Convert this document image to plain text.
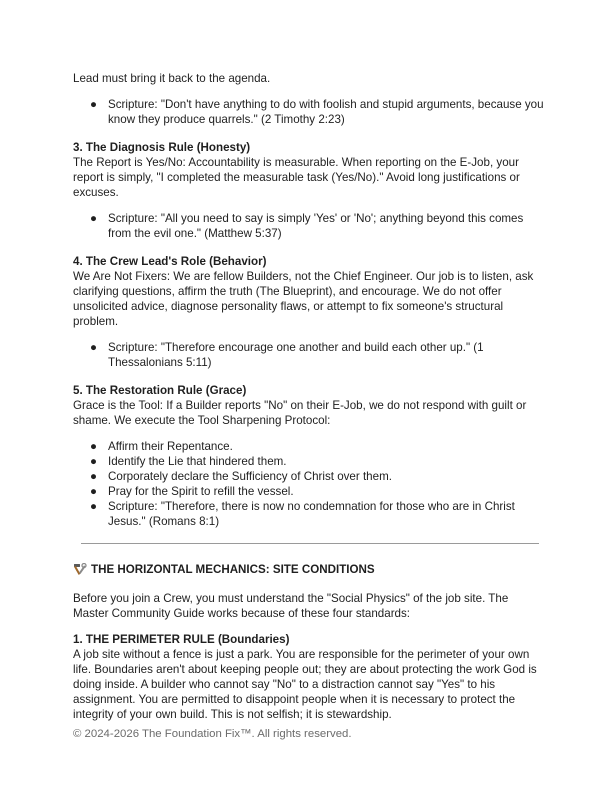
Lead must bring it back to the agenda.

● Scripture: "Don't have anything to do with foolish and stupid arguments, because you know they produce quarrels." (2 Timothy 2:23)

3. The Diagnosis Rule (Honesty)

The Report is Yes/No: Accountability is measurable. When reporting on the E-Job, your report is simply, "I completed the measurable task (Yes/No)." Avoid long justifications or excuses.

● Scripture: "All you need to say is simply 'Yes' or 'No'; anything beyond this comes from the evil one." (Matthew 5:37)

4. The Crew Lead's Role (Behavior)

We Are Not Fixers: We are fellow Builders, not the Chief Engineer. Our job is to listen, ask clarifying questions, affirm the truth (The Blueprint), and encourage. We do not offer unsolicited advice, diagnose personality flaws, or attempt to fix someone's structural problem.

● Scripture: "Therefore encourage one another and build each other up." (1 Thessalonians 5:11)

5. The Restoration Rule (Grace)

Grace is the Tool: If a Builder reports "No" on their E-Job, we do not respond with guilt or shame. We execute the Tool Sharpening Protocol:

● Affirm their Repentance.
● Identify the Lie that hindered them.
● Corporately declare the Sufficiency of Christ over them.
● Pray for the Spirit to refill the vessel.
● Scripture: "Therefore, there is now no condemnation for those who are in Christ Jesus." (Romans 8:1)
THE HORIZONTAL MECHANICS: SITE CONDITIONS

Before you join a Crew, you must understand the "Social Physics" of the job site. The Master Community Guide works because of these four standards:

1. THE PERIMETER RULE (Boundaries)

A job site without a fence is just a park. You are responsible for the perimeter of your own life. Boundaries aren't about keeping people out; they are about protecting the work God is doing inside. A builder who cannot say "No" to a distraction cannot say "Yes" to his assignment. You are permitted to disappoint people when it is necessary to protect the integrity of your own build. This is not selfish; it is stewardship.

© 2024-2026 The Foundation Fix™. All rights reserved.
